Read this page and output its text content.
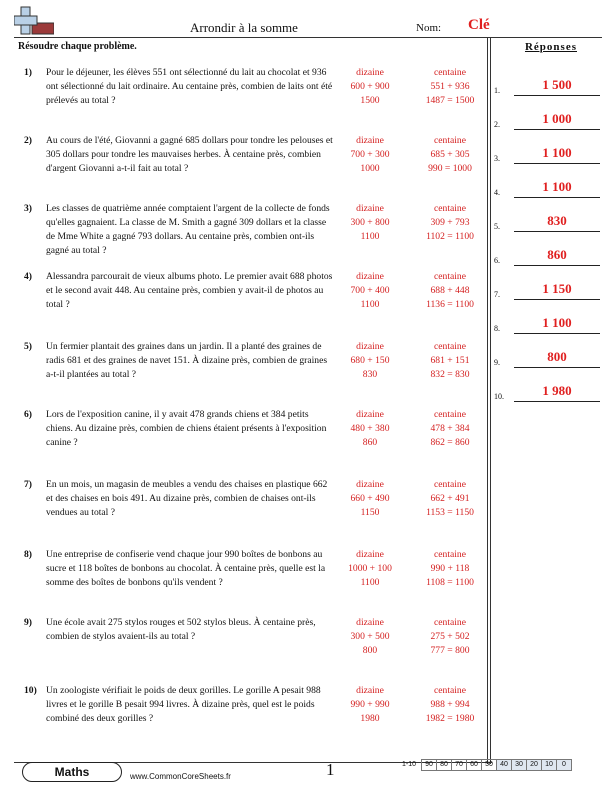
Arrondir à la somme	Nom: Clé
Résoudre chaque problème.	Réponses
1)	Pour le déjeuner, les élèves 551 ont sélectionné du lait au chocolat et 936 ont sélectionné du lait ordinaire. Au centaine près, combien de laits ont été prélevés au total ?
dizaine
600 + 900
1500
centaine
551 + 936
1487 = 1500
2)	Au cours de l'été, Giovanni a gagné 685 dollars pour tondre les pelouses et 305 dollars pour tondre les mauvaises herbes. À centaine près, combien d'argent Giovanni a-t-il fait au total ?
dizaine
700 + 300
1000
centaine
685 + 305
990 = 1000
3)	Les classes de quatrième année comptaient l'argent de la collecte de fonds qu'elles gagnaient. La classe de M. Smith a gagné 309 dollars et la classe de Mme White a gagné 793 dollars. Au centaine près, combien ont-ils gagné au total ?
dizaine
300 + 800
1100
centaine
309 + 793
1102 = 1100
4)	Alessandra parcourait de vieux albums photo. Le premier avait 688 photos et le second avait 448. Au centaine près, combien y avait-il de photos au total ?
dizaine
700 + 400
1100
centaine
688 + 448
1136 = 1100
5)	Un fermier plantait des graines dans un jardin. Il a planté des graines de radis 681 et des graines de navet 151. À dizaine près, combien de graines a-t-il plantées au total ?
dizaine
680 + 150
830
centaine
681 + 151
832 = 830
6)	Lors de l'exposition canine, il y avait 478 grands chiens et 384 petits chiens. Au dizaine près, combien de chiens étaient présents à l'exposition canine ?
dizaine
480 + 380
860
centaine
478 + 384
862 = 860
7)	En un mois, un magasin de meubles a vendu des chaises en plastique 662 et des chaises en bois 491. Au dizaine près, combien de chaises ont-ils vendues au total ?
dizaine
660 + 490
1150
centaine
662 + 491
1153 = 1150
8)	Une entreprise de confiserie vend chaque jour 990 boîtes de bonbons au sucre et 118 boîtes de bonbons au chocolat. À centaine près, quelle est la somme des boîtes de bonbons qu'ils vendent ?
dizaine
1000 + 100
1100
centaine
990 + 118
1108 = 1100
9)	Une école avait 275 stylos rouges et 502 stylos bleus. À centaine près, combien de stylos avaient-ils au total ?
dizaine
300 + 500
800
centaine
275 + 502
777 = 800
10) Un zoologiste vérifiait le poids de deux gorilles. Le gorille A pesait 988 livres et le gorille B pesait 994 livres. À dizaine près, quel est le poids combiné des deux gorilles ?
dizaine
990 + 990
1980
centaine
988 + 994
1982 = 1980
1.	1 500
2.	1 000
3.	1 100
4.	1 100
5.	830
6.	860
7.	1 150
8.	1 100
9.	800
10.	1 980
Maths	www.CommonCoreSheets.fr	1	1-10	90	80	70	60	50	40	30	20	10	0
